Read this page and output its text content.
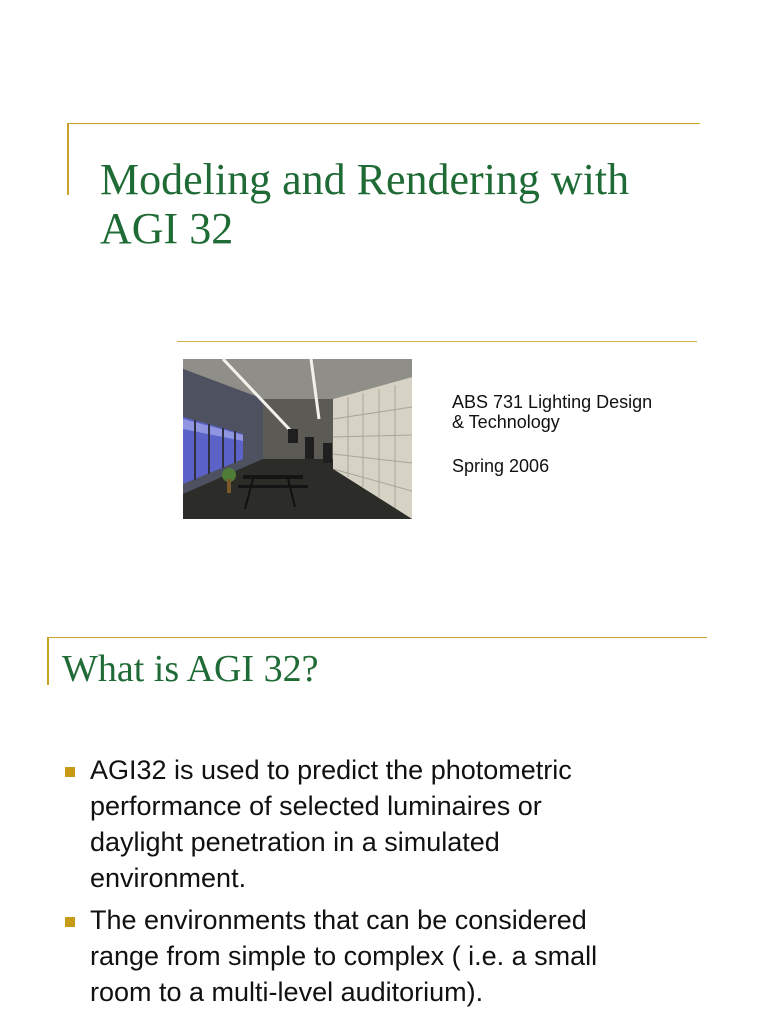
Modeling and Rendering with
AGI 32

ABS 731 Lighting Design

& Technology

Spring 2006

What is AGI 32?
AGI32 is used to predict the photometric
performance of selected luminaires or
daylight penetration in a simulated
environment.
The environments that can be considered
range from simple to complex ( i.e. a small
room to a multi-level auditorium).
